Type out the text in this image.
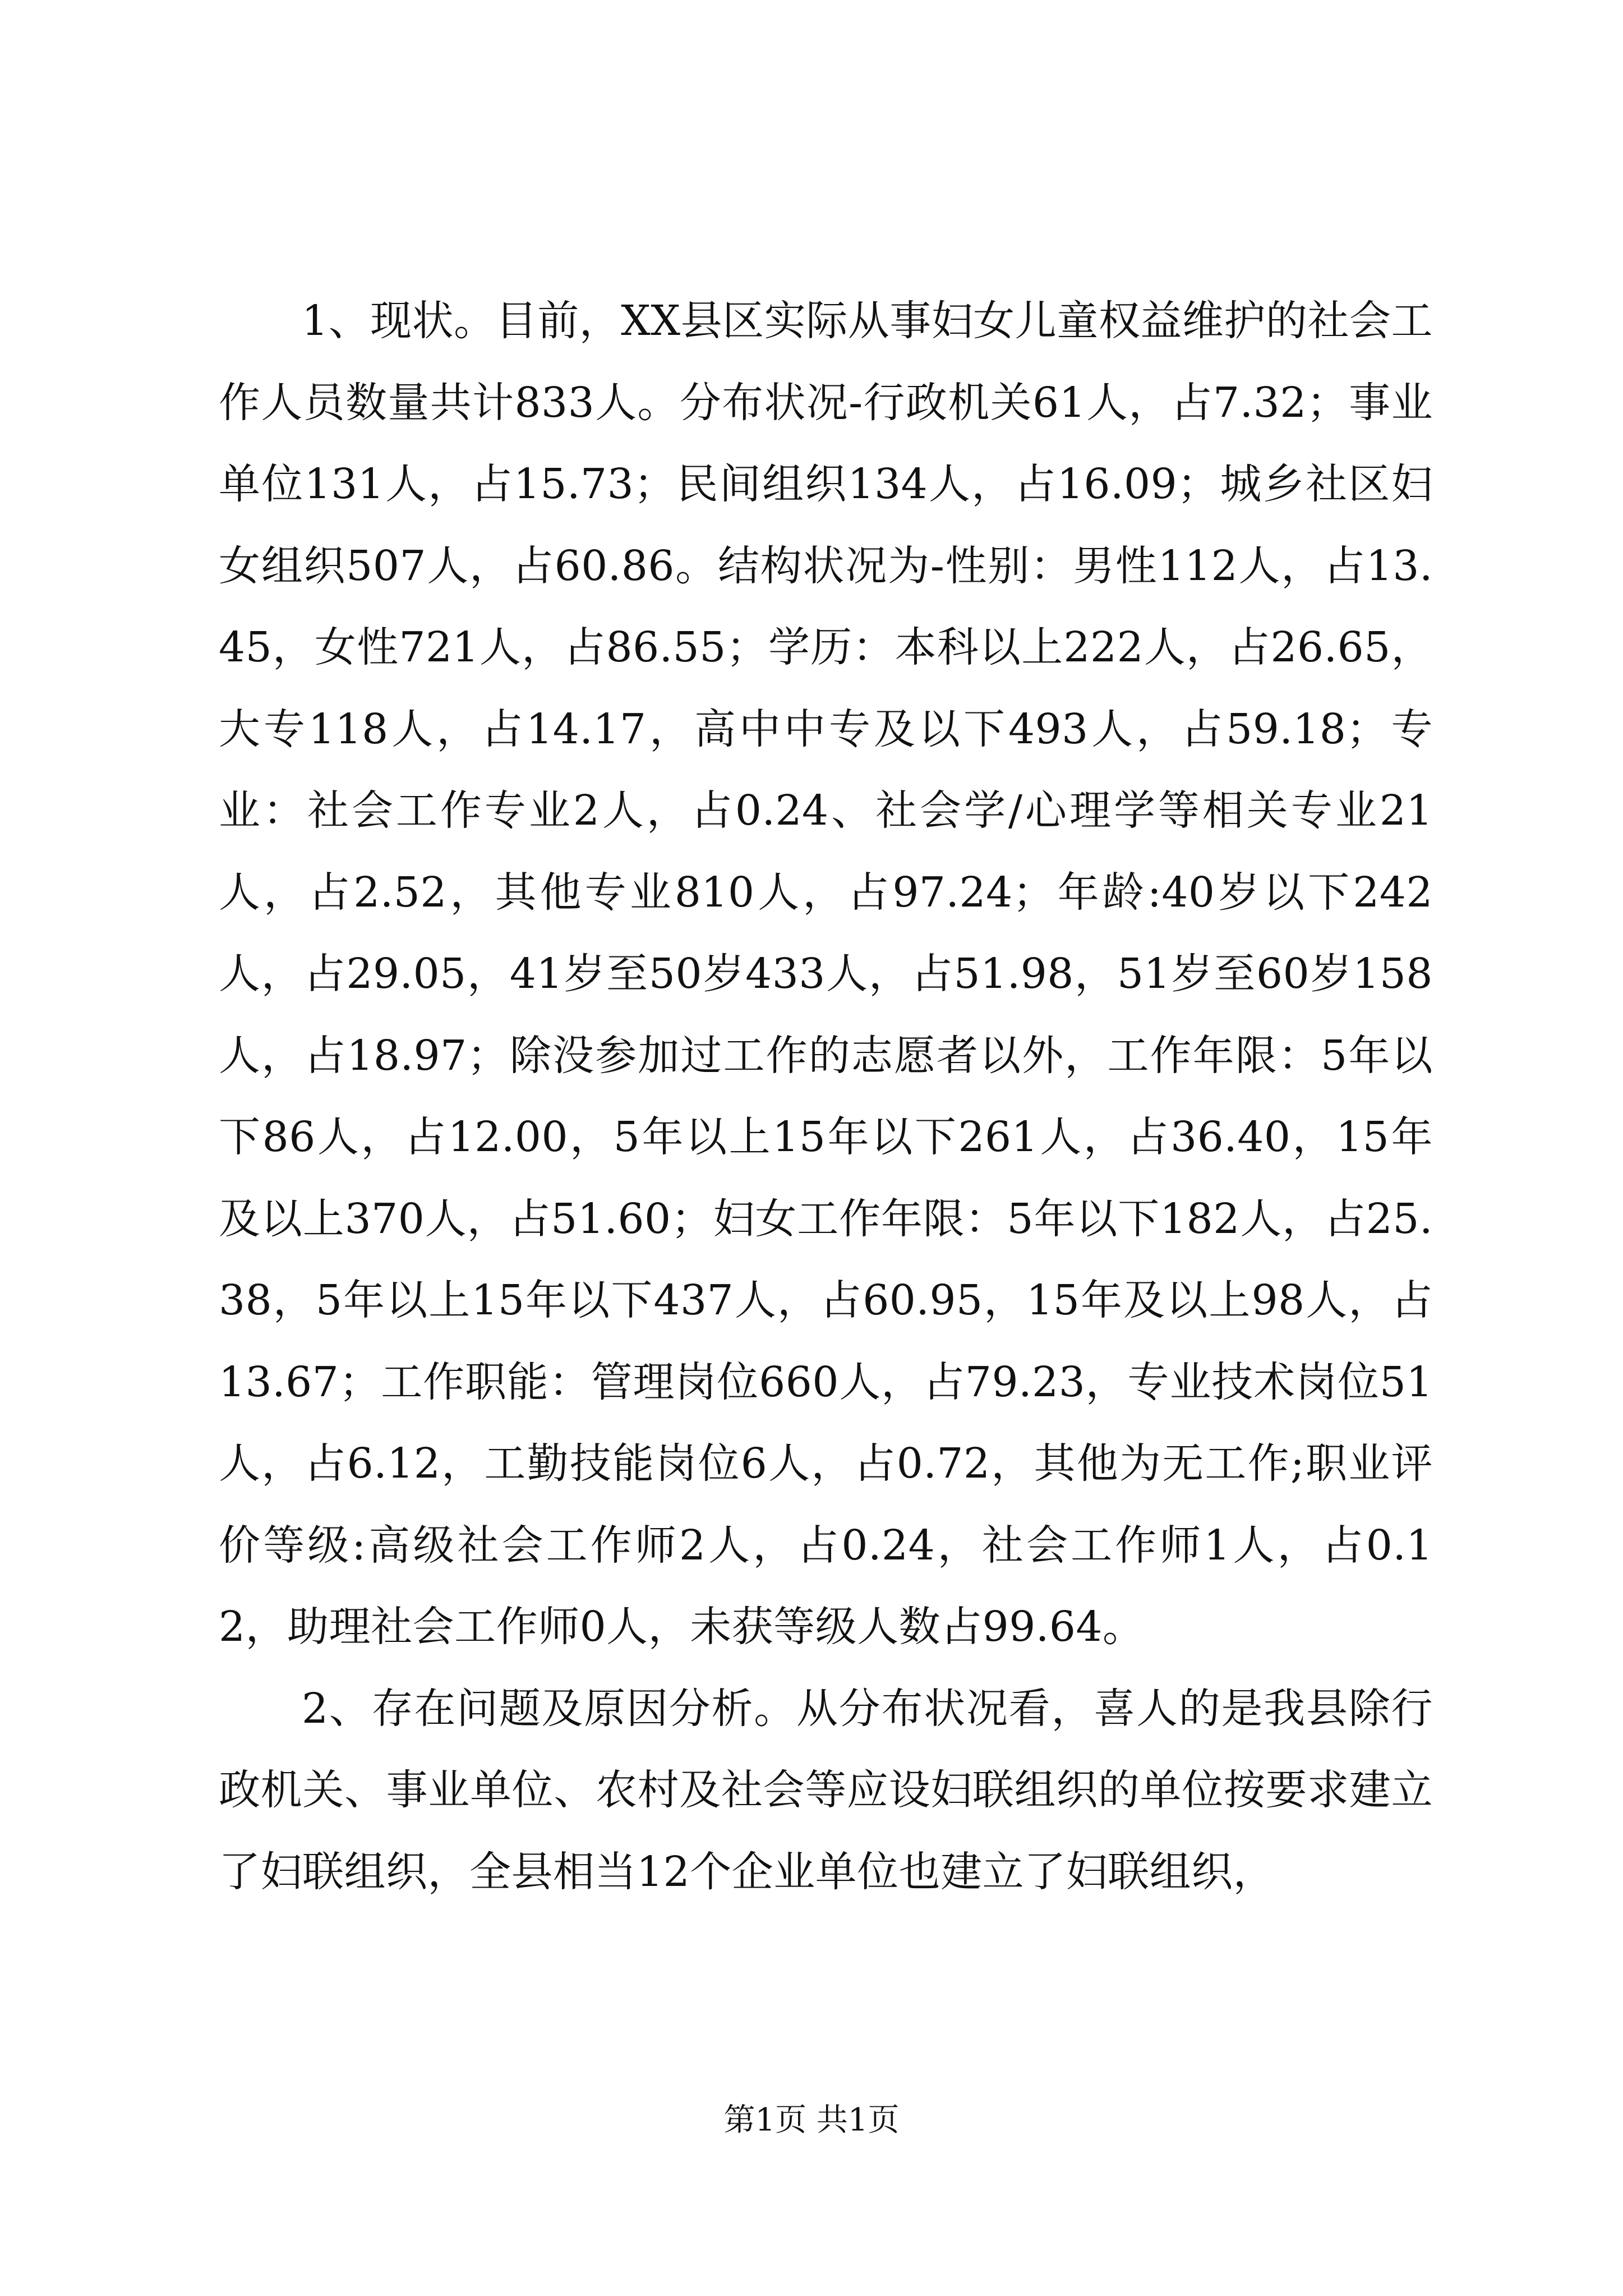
1、现状。目前，XX县区实际从事妇女儿童权益维护的社会工作人员数量共计833人。分布状况-行政机关61人，占7.32；事业单位131人，占15.73；民间组织134人，占16.09；城乡社区妇女组织507人，占60.86。结构状况为-性别：男性112人，占13.45，女性721人，占86.55；学历：本科以上222人，占26.65，大专118人，占14.17，高中中专及以下493人，占59.18；专业：社会工作专业2人，占0.24、社会学/心理学等相关专业21人，占2.52，其他专业810人，占97.24；年龄:40岁以下242人，占29.05，41岁至50岁433人，占51.98，51岁至60岁158人，占18.97；除没参加过工作的志愿者以外，工作年限：5年以下86人，占12.00，5年以上15年以下261人，占36.40，15年及以上370人，占51.60；妇女工作年限：5年以下182人，占25.38，5年以上15年以下437人，占60.95，15年及以上98人，占13.67；工作职能：管理岗位660人，占79.23，专业技术岗位51人，占6.12，工勤技能岗位6人，占0.72，其他为无工作;职业评价等级:高级社会工作师2人，占0.24，社会工作师1人，占0.12，助理社会工作师0人，未获等级人数占99.64。

2、存在问题及原因分析。从分布状况看，喜人的是我县除行政机关、事业单位、农村及社会等应设妇联组织的单位按要求建立了妇联组织，全县相当12个企业单位也建立了妇联组织，

第1页 共1页
